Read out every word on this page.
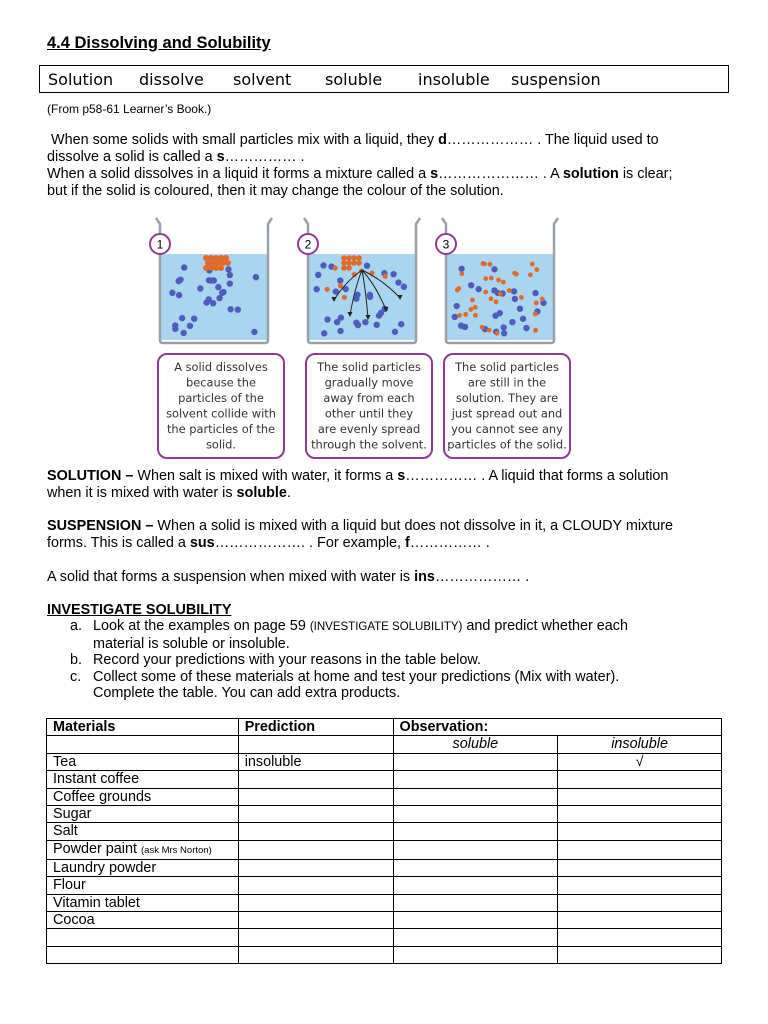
4.4 Dissolving and Solubility
Solution dissolve solvent soluble insoluble suspension
(From p58-61 Learner’s Book.)
When some solids with small particles mix with a liquid, they d……………… . The liquid used to
dissolve a solid is called a s…………… .
When a solid dissolves in a liquid it forms a mixture called a s………………… . A solution is clear;
but if the solid is coloured, then it may change the colour of the solution.
1
A solid dissolves
because the
particles of the
solvent collide with
the particles of the
solid.
2
The solid particles
gradually move
away from each
other until they
are evenly spread
through the solvent.
3
The solid particles
are still in the
solution. They are
just spread out and
you cannot see any
particles of the solid.
SOLUTION – When salt is mixed with water, it forms a s…………… . A liquid that forms a solution
when it is mixed with water is soluble.
SUSPENSION – When a solid is mixed with a liquid but does not dissolve in it, a CLOUDY mixture
forms. This is called a sus………………. . For example, f…………… .
A solid that forms a suspension when mixed with water is ins……………… .
INVESTIGATE SOLUBILITY
a. Look at the examples on page 59 (INVESTIGATE SOLUBILITY) and predict whether each
material is soluble or insoluble.
b. Record your predictions with your reasons in the table below.
c. Collect some of these materials at home and test your predictions (Mix with water).
Complete the table. You can add extra products.
Materials	Prediction	Observation:	
		soluble	insoluble
Tea	insoluble		√
Instant coffee			
Coffee grounds			
Sugar			
Salt			
Powder paint (ask Mrs Norton)			
Laundry powder			
Flour			
Vitamin tablet			
Cocoa			
